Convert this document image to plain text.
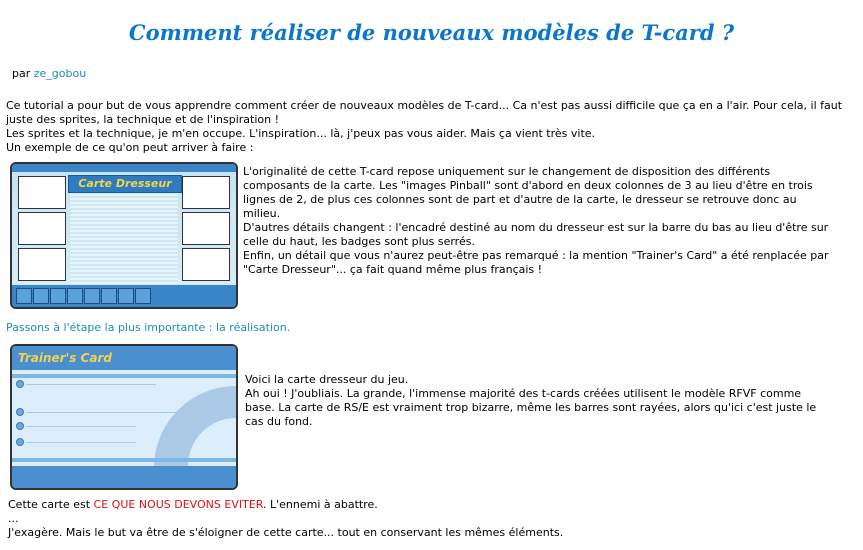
Comment réaliser de nouveaux modèles de T-card ?
par ze_gobou

Ce tutorial a pour but de vous apprendre comment créer de nouveaux modèles de T-card... Ca n'est pas aussi difficile que ça en a l'air. Pour cela, il faut juste des sprites, la technique et de l'inspiration !

Les sprites et la technique, je m'en occupe. L'inspiration... là, j'peux pas vous aider. Mais ça vient très vite.

Un exemple de ce qu'on peut arriver à faire :

Carte Dresseur

L'originalité de cette T-card repose uniquement sur le changement de disposition des différents composants de la carte. Les "images Pinball" sont d'abord en deux colonnes de 3 au lieu d'être en trois lignes de 2, de plus ces colonnes sont de part et d'autre de la carte, le dresseur se retrouve donc au milieu.

D'autres détails changent : l'encadré destiné au nom du dresseur est sur la barre du bas au lieu d'être sur celle du haut, les badges sont plus serrés.

Enfin, un détail que vous n'aurez peut-être pas remarqué : la mention "Trainer's Card" a été renplacée par "Carte Dresseur"... ça fait quand même plus français !

Passons à l'étape la plus importante : la réalisation.
Trainer's Card

Voici la carte dresseur du jeu.

Ah oui ! J'oubliais. La grande, l'immense majorité des t-cards créées utilisent le modèle RFVF comme base. La carte de RS/E est vraiment trop bizarre, même les barres sont rayées, alors qu'ici c'est juste le cas du fond.

Cette carte est CE QUE NOUS DEVONS EVITER. L'ennemi à abattre.

...

J'exagère. Mais le but va être de s'éloigner de cette carte... tout en conservant les mêmes éléments.
